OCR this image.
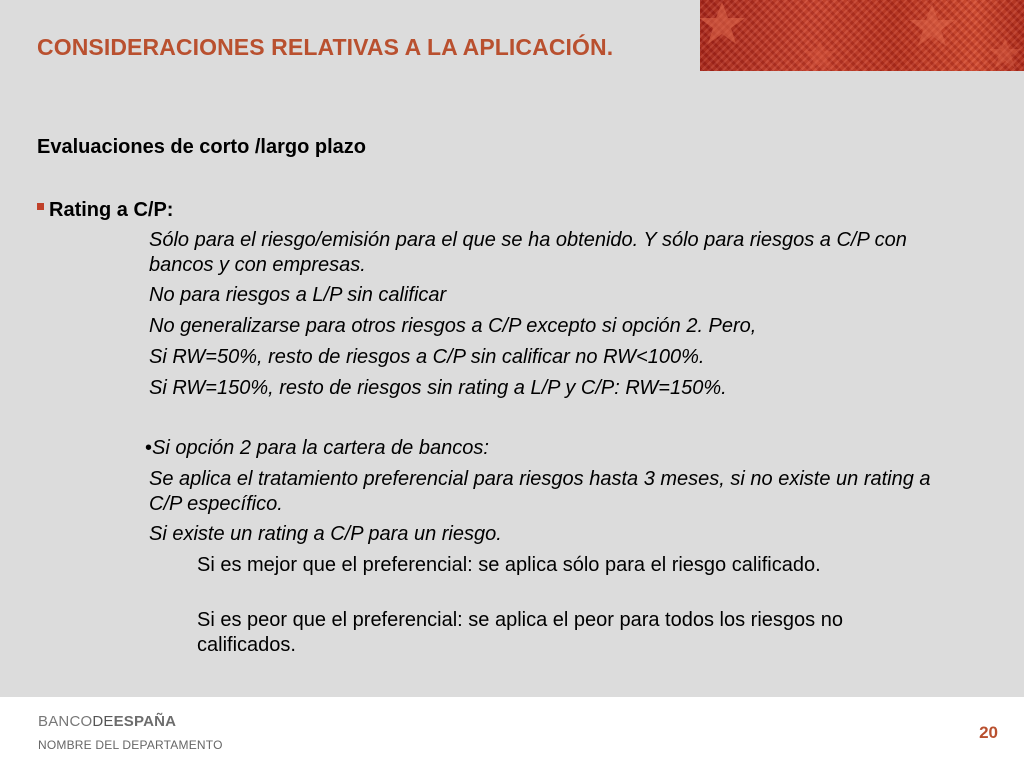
CONSIDERACIONES RELATIVAS A LA APLICACIÓN.
Evaluaciones de corto /largo plazo
Rating a C/P:

Sólo para el riesgo/emisión para el que se ha obtenido. Y sólo para riesgos a C/P con bancos y con empresas.

No para riesgos a L/P sin calificar

No generalizarse para otros riesgos a C/P excepto si opción 2. Pero,

Si RW=50%, resto de riesgos a C/P sin calificar no RW<100%.

Si RW=150%, resto de riesgos sin rating a L/P y C/P: RW=150%.

•Si opción 2 para la cartera de bancos:

Se aplica el tratamiento preferencial para riesgos hasta 3 meses, si no existe un rating a C/P específico.

Si existe un rating a C/P para un riesgo.

Si es mejor que el preferencial: se aplica sólo para el riesgo calificado.

Si es peor que el preferencial: se aplica el peor para todos los riesgos no calificados.

BANCODEESPAÑA
NOMBRE DEL DEPARTAMENTO
20
